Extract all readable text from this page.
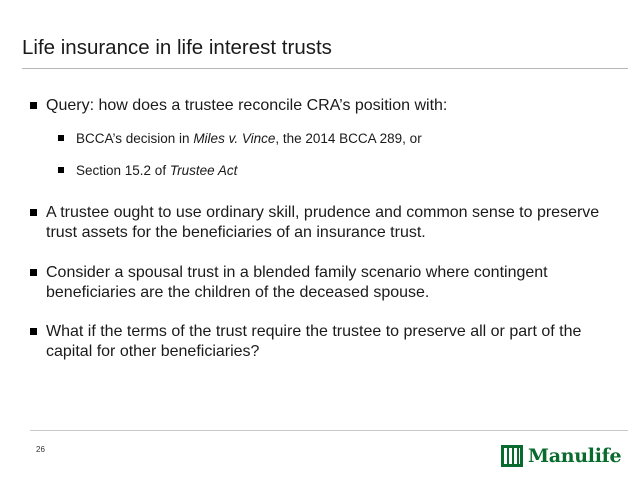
Life insurance in life interest trusts
Query: how does a trustee reconcile CRA’s position with:
BCCA’s decision in Miles v. Vince, the 2014 BCCA 289, or
Section 15.2 of Trustee Act
A trustee ought to use ordinary skill, prudence and common sense to preserve trust assets for the beneficiaries of an insurance trust.
Consider a spousal trust in a blended family scenario where contingent beneficiaries are the children of the deceased spouse.
What if the terms of the trust require the trustee to preserve all or part of the capital for other beneficiaries?
26	Manulife
